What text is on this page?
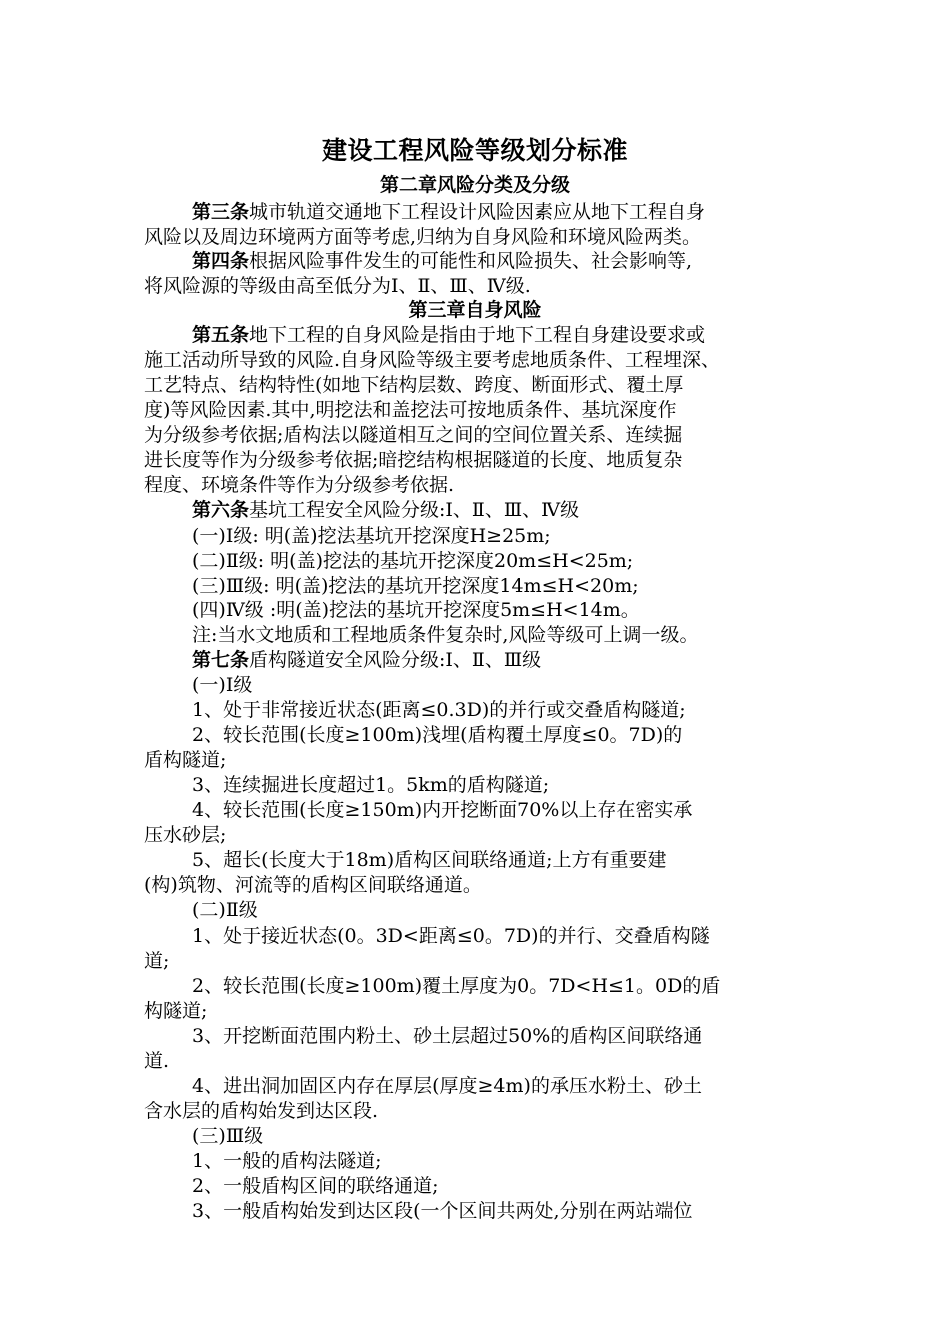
建设工程风险等级划分标准
第二章风险分类及分级
第三条城市轨道交通地下工程设计风险因素应从地下工程自身
风险以及周边环境两方面等考虑,归纳为自身风险和环境风险两类。
第四条根据风险事件发生的可能性和风险损失、社会影响等,
将风险源的等级由高至低分为Ⅰ、Ⅱ、Ⅲ、Ⅳ级.
第三章自身风险
第五条地下工程的自身风险是指由于地下工程自身建设要求或
施工活动所导致的风险.自身风险等级主要考虑地质条件、工程埋深、
工艺特点、结构特性(如地下结构层数、跨度、断面形式、覆土厚
度)等风险因素.其中,明挖法和盖挖法可按地质条件、基坑深度作
为分级参考依据;盾构法以隧道相互之间的空间位置关系、连续掘
进长度等作为分级参考依据;暗挖结构根据隧道的长度、地质复杂
程度、环境条件等作为分级参考依据.
第六条基坑工程安全风险分级:Ⅰ、Ⅱ、Ⅲ、Ⅳ级
(一)Ⅰ级: 明(盖)挖法基坑开挖深度H≥25m;
(二)Ⅱ级: 明(盖)挖法的基坑开挖深度20m≤H<25m;
(三)Ⅲ级: 明(盖)挖法的基坑开挖深度14m≤H<20m;
(四)Ⅳ级 :明(盖)挖法的基坑开挖深度5m≤H<14m。
注:当水文地质和工程地质条件复杂时,风险等级可上调一级。
第七条盾构隧道安全风险分级:Ⅰ、Ⅱ、Ⅲ级
(一)Ⅰ级
1、处于非常接近状态(距离≤0.3D)的并行或交叠盾构隧道;
2、较长范围(长度≥100m)浅埋(盾构覆土厚度≤0。7D)的
盾构隧道;
3、连续掘进长度超过1。5km的盾构隧道;
4、较长范围(长度≥150m)内开挖断面70%以上存在密实承
压水砂层;
5、超长(长度大于18m)盾构区间联络通道;上方有重要建
(构)筑物、河流等的盾构区间联络通道。
(二)Ⅱ级
1、处于接近状态(0。3D<距离≤0。7D)的并行、交叠盾构隧
道;
2、较长范围(长度≥100m)覆土厚度为0。7D<H≤1。0D的盾
构隧道;
3、开挖断面范围内粉土、砂土层超过50%的盾构区间联络通
道.
4、进出洞加固区内存在厚层(厚度≥4m)的承压水粉土、砂土
含水层的盾构始发到达区段.
(三)Ⅲ级
1、一般的盾构法隧道;
2、一般盾构区间的联络通道;
3、一般盾构始发到达区段(一个区间共两处,分别在两站端位
